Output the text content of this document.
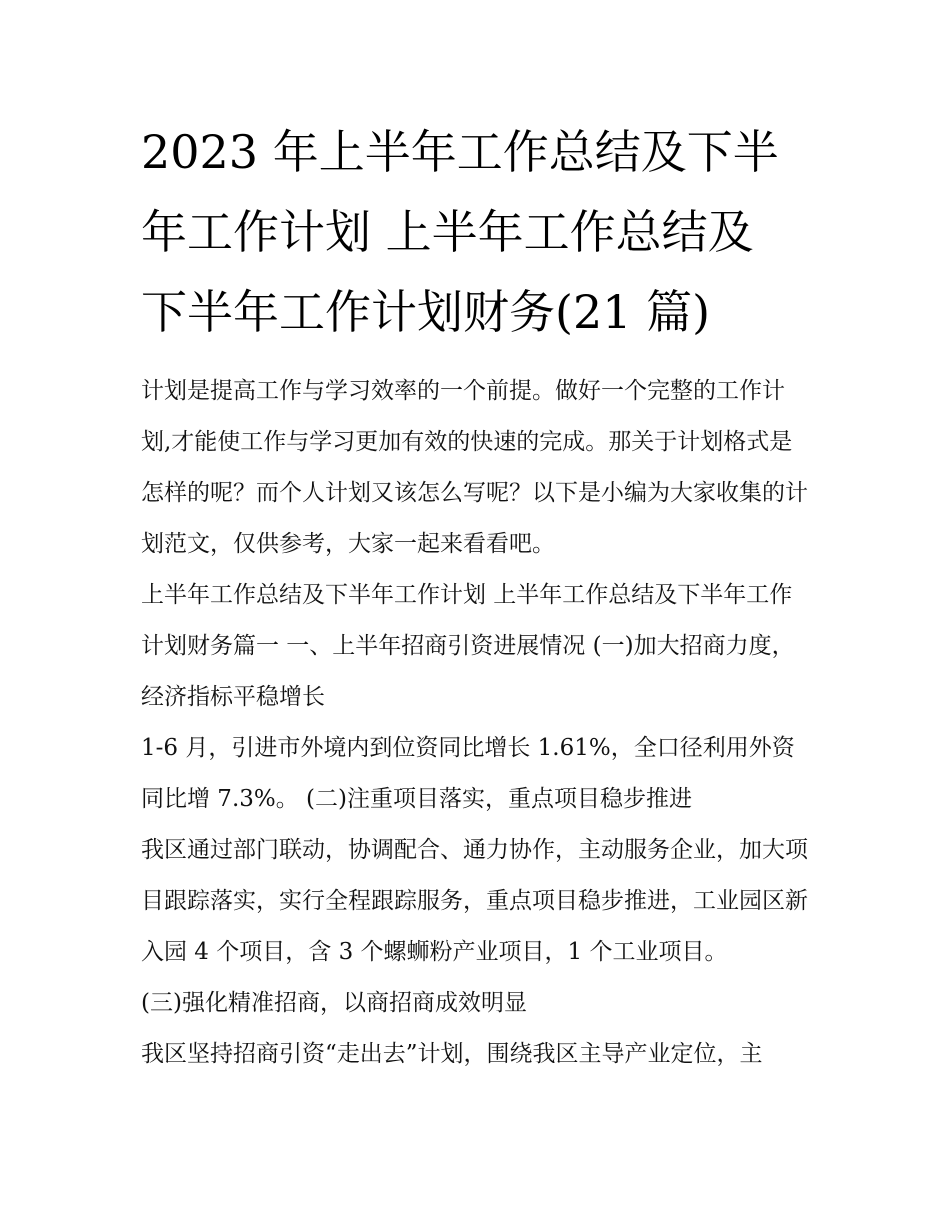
2023 年上半年工作总结及下半
年工作计划 上半年工作总结及
下半年工作计划财务(21 篇)

计划是提高工作与学习效率的一个前提。做好一个完整的工作计划,才能使工作与学习更加有效的快速的完成。那关于计划格式是怎样的呢？而个人计划又该怎么写呢？以下是小编为大家收集的计划范文，仅供参考，大家一起来看看吧。

上半年工作总结及下半年工作计划 上半年工作总结及下半年工作计划财务篇一 一、上半年招商引资进展情况 (一)加大招商力度，经济指标平稳增长

1-6 月，引进市外境内到位资同比增长 1.61%，全口径利用外资同比增 7.3%。 (二)注重项目落实，重点项目稳步推进

我区通过部门联动，协调配合、通力协作，主动服务企业，加大项目跟踪落实，实行全程跟踪服务，重点项目稳步推进，工业园区新入园 4 个项目，含 3 个螺蛳粉产业项目，1 个工业项目。

(三)强化精准招商，以商招商成效明显

我区坚持招商引资“走出去”计划，围绕我区主导产业定位，主
